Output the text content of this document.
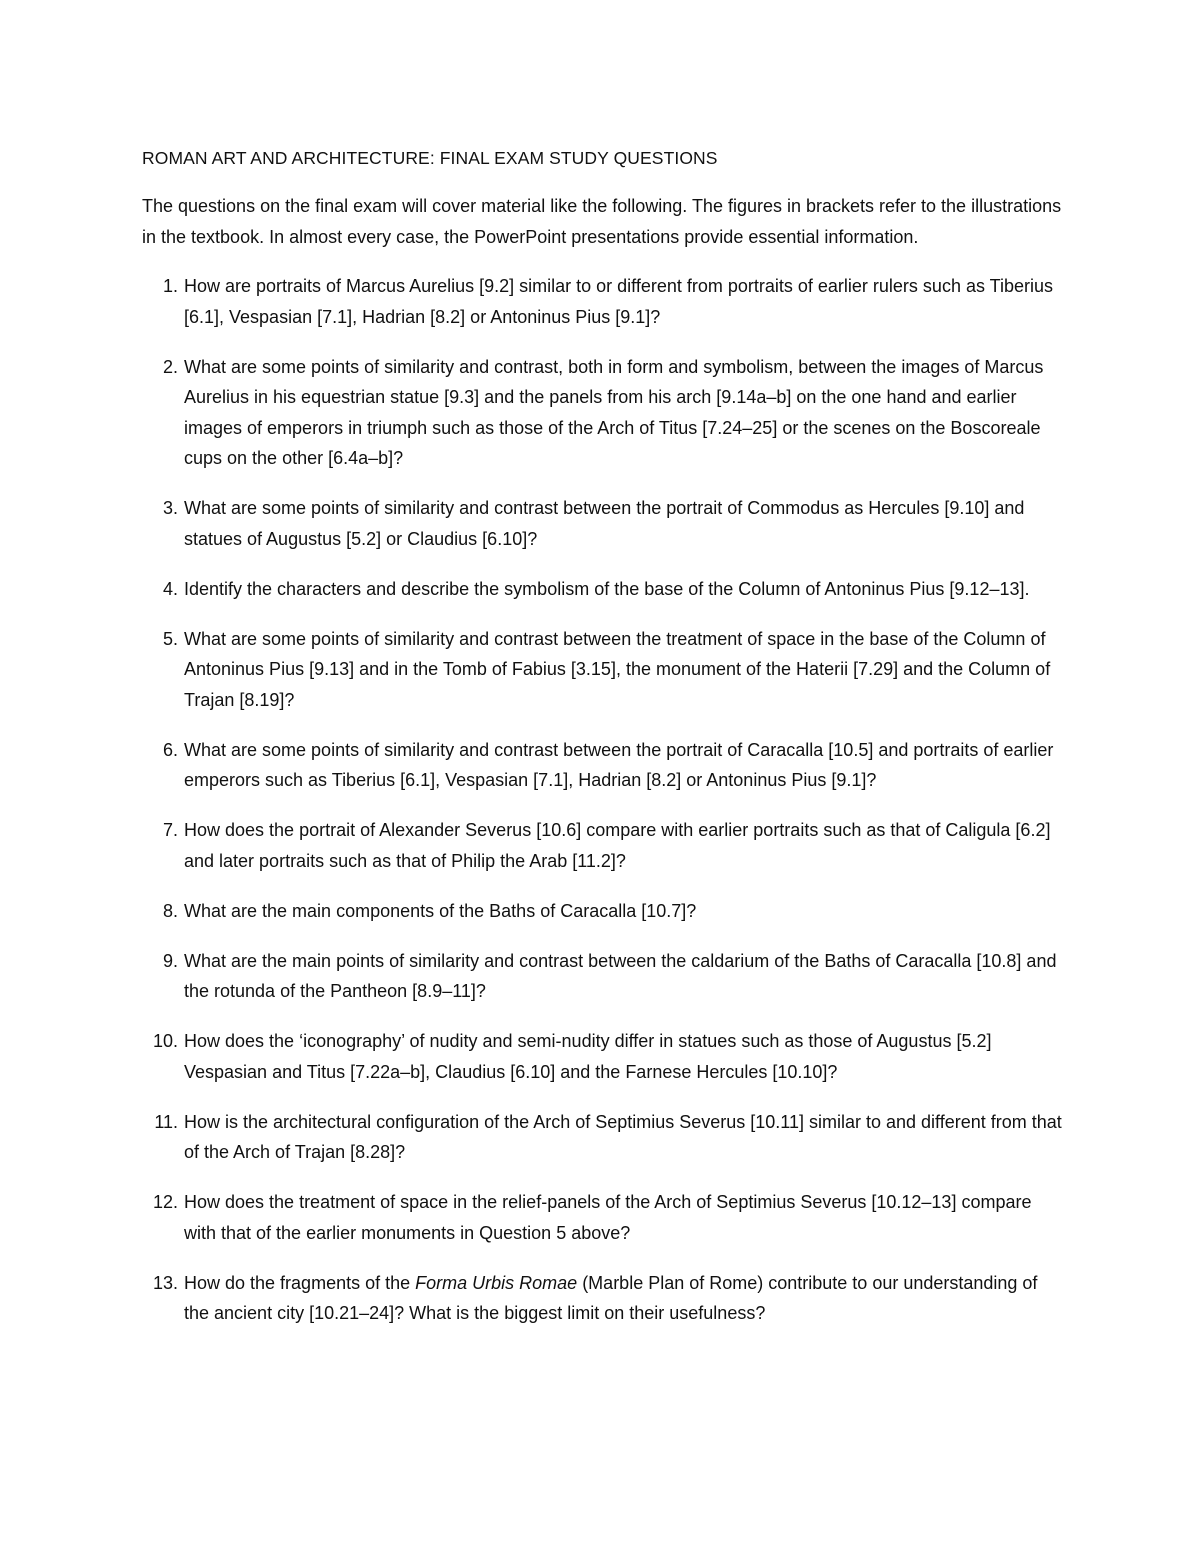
ROMAN ART AND ARCHITECTURE: FINAL EXAM STUDY QUESTIONS
The questions on the final exam will cover material like the following. The figures in brackets refer to the illustrations in the textbook. In almost every case, the PowerPoint presentations provide essential information.
1. How are portraits of Marcus Aurelius [9.2] similar to or different from portraits of earlier rulers such as Tiberius [6.1], Vespasian [7.1], Hadrian [8.2] or Antoninus Pius [9.1]?
2. What are some points of similarity and contrast, both in form and symbolism, between the images of Marcus Aurelius in his equestrian statue [9.3] and the panels from his arch [9.14a–b] on the one hand and earlier images of emperors in triumph such as those of the Arch of Titus [7.24–25] or the scenes on the Boscoreale cups on the other [6.4a–b]?
3. What are some points of similarity and contrast between the portrait of Commodus as Hercules [9.10] and statues of Augustus [5.2] or Claudius [6.10]?
4. Identify the characters and describe the symbolism of the base of the Column of Antoninus Pius [9.12–13].
5. What are some points of similarity and contrast between the treatment of space in the base of the Column of Antoninus Pius [9.13] and in the Tomb of Fabius [3.15], the monument of the Haterii [7.29] and the Column of Trajan [8.19]?
6. What are some points of similarity and contrast between the portrait of Caracalla [10.5] and portraits of earlier emperors such as Tiberius [6.1], Vespasian [7.1], Hadrian [8.2] or Antoninus Pius [9.1]?
7. How does the portrait of Alexander Severus [10.6] compare with earlier portraits such as that of Caligula [6.2] and later portraits such as that of Philip the Arab [11.2]?
8. What are the main components of the Baths of Caracalla [10.7]?
9. What are the main points of similarity and contrast between the caldarium of the Baths of Caracalla [10.8] and the rotunda of the Pantheon [8.9–11]?
10. How does the ‘iconography’ of nudity and semi-nudity differ in statues such as those of Augustus [5.2] Vespasian and Titus [7.22a–b], Claudius [6.10] and the Farnese Hercules [10.10]?
11. How is the architectural configuration of the Arch of Septimius Severus [10.11] similar to and different from that of the Arch of Trajan [8.28]?
12. How does the treatment of space in the relief-panels of the Arch of Septimius Severus [10.12–13] compare with that of the earlier monuments in Question 5 above?
13. How do the fragments of the Forma Urbis Romae (Marble Plan of Rome) contribute to our understanding of the ancient city [10.21–24]? What is the biggest limit on their usefulness?
